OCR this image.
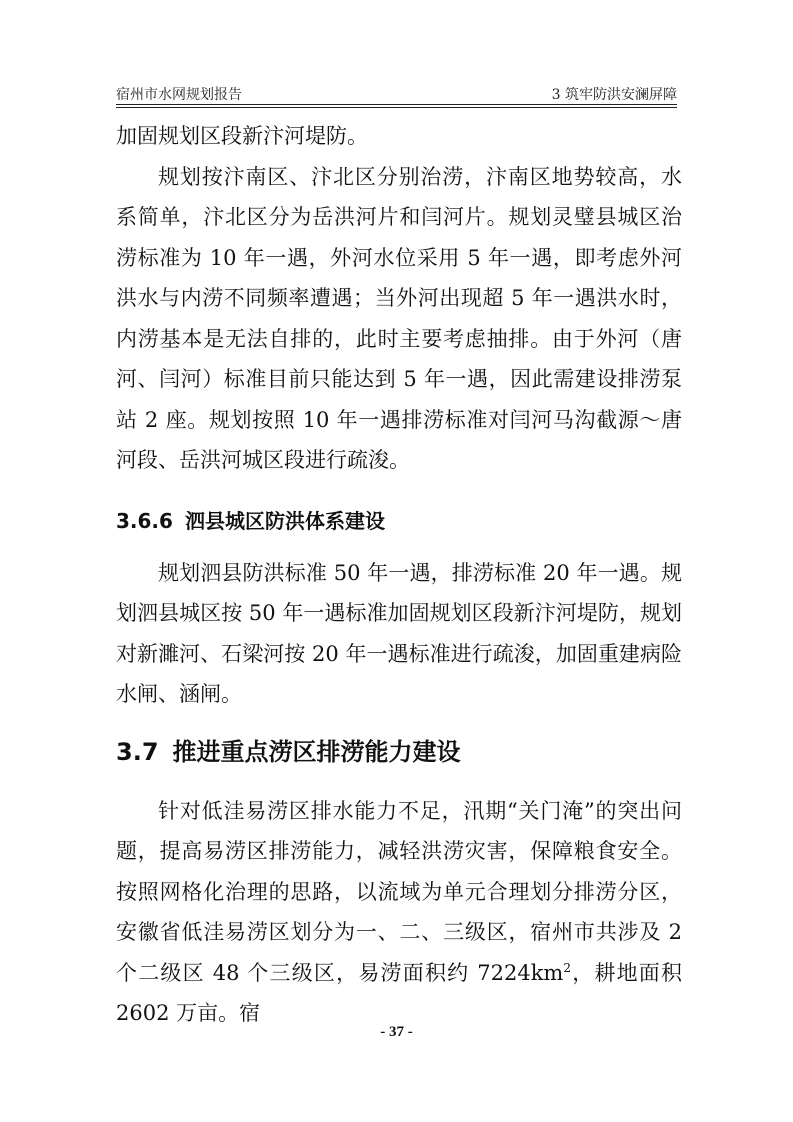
宿州市水网规划报告	3 筑牢防洪安澜屏障

加固规划区段新汴河堤防。

规划按汴南区、汴北区分别治涝，汴南区地势较高，水系简单，汴北区分为岳洪河片和闫河片。规划灵璧县城区治涝标准为 10 年一遇，外河水位采用 5 年一遇，即考虑外河洪水与内涝不同频率遭遇；当外河出现超 5 年一遇洪水时，内涝基本是无法自排的，此时主要考虑抽排。由于外河（唐河、闫河）标准目前只能达到 5 年一遇，因此需建设排涝泵站 2 座。规划按照 10 年一遇排涝标准对闫河马沟截源～唐河段、岳洪河城区段进行疏浚。

3.6.6 泗县城区防洪体系建设

规划泗县防洪标准 50 年一遇，排涝标准 20 年一遇。规划泗县城区按 50 年一遇标准加固规划区段新汴河堤防，规划对新濉河、石梁河按 20 年一遇标准进行疏浚，加固重建病险水闸、涵闸。

3.7 推进重点涝区排涝能力建设

针对低洼易涝区排水能力不足，汛期“关门淹”的突出问题，提高易涝区排涝能力，减轻洪涝灾害，保障粮食安全。按照网格化治理的思路，以流域为单元合理划分排涝分区，安徽省低洼易涝区划分为一、二、三级区，宿州市共涉及 2 个二级区 48 个三级区，易涝面积约 $7224km^2$，耕地面积 2602 万亩。宿

- 37 -
